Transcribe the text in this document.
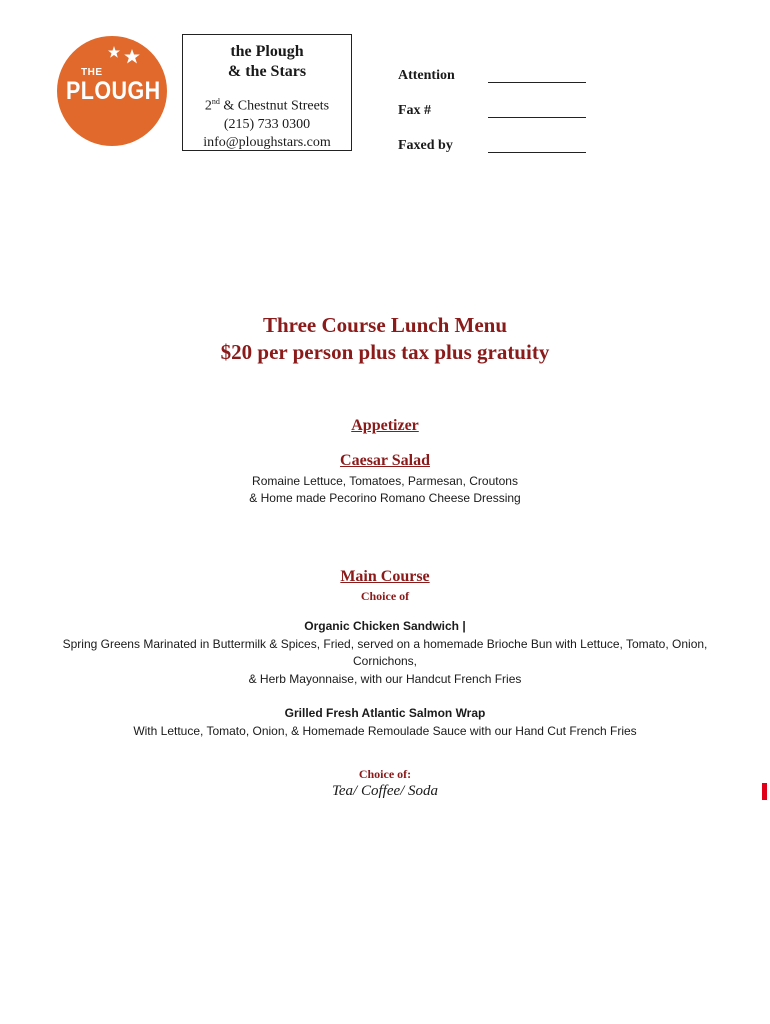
THE
PLOUGH
the Plough
& the Stars
2nd & Chestnut Streets
(215) 733 0300
info@ploughstars.com
Attention
Fax #
Faxed by
Three Course Lunch Menu
$20 per person plus tax plus gratuity
Appetizer
Caesar Salad
Romaine Lettuce, Tomatoes, Parmesan, Croutons
& Home made Pecorino Romano Cheese Dressing
Main Course
Choice of
Organic Chicken Sandwich |
Spring Greens Marinated in Buttermilk & Spices, Fried, served on a homemade Brioche Bun with Lettuce, Tomato, Onion,
Cornichons,
& Herb Mayonnaise, with our Handcut French Fries
Grilled Fresh Atlantic Salmon Wrap
With Lettuce, Tomato, Onion, & Homemade Remoulade Sauce with our Hand Cut French Fries
Choice of:
Tea/ Coffee/ Soda
